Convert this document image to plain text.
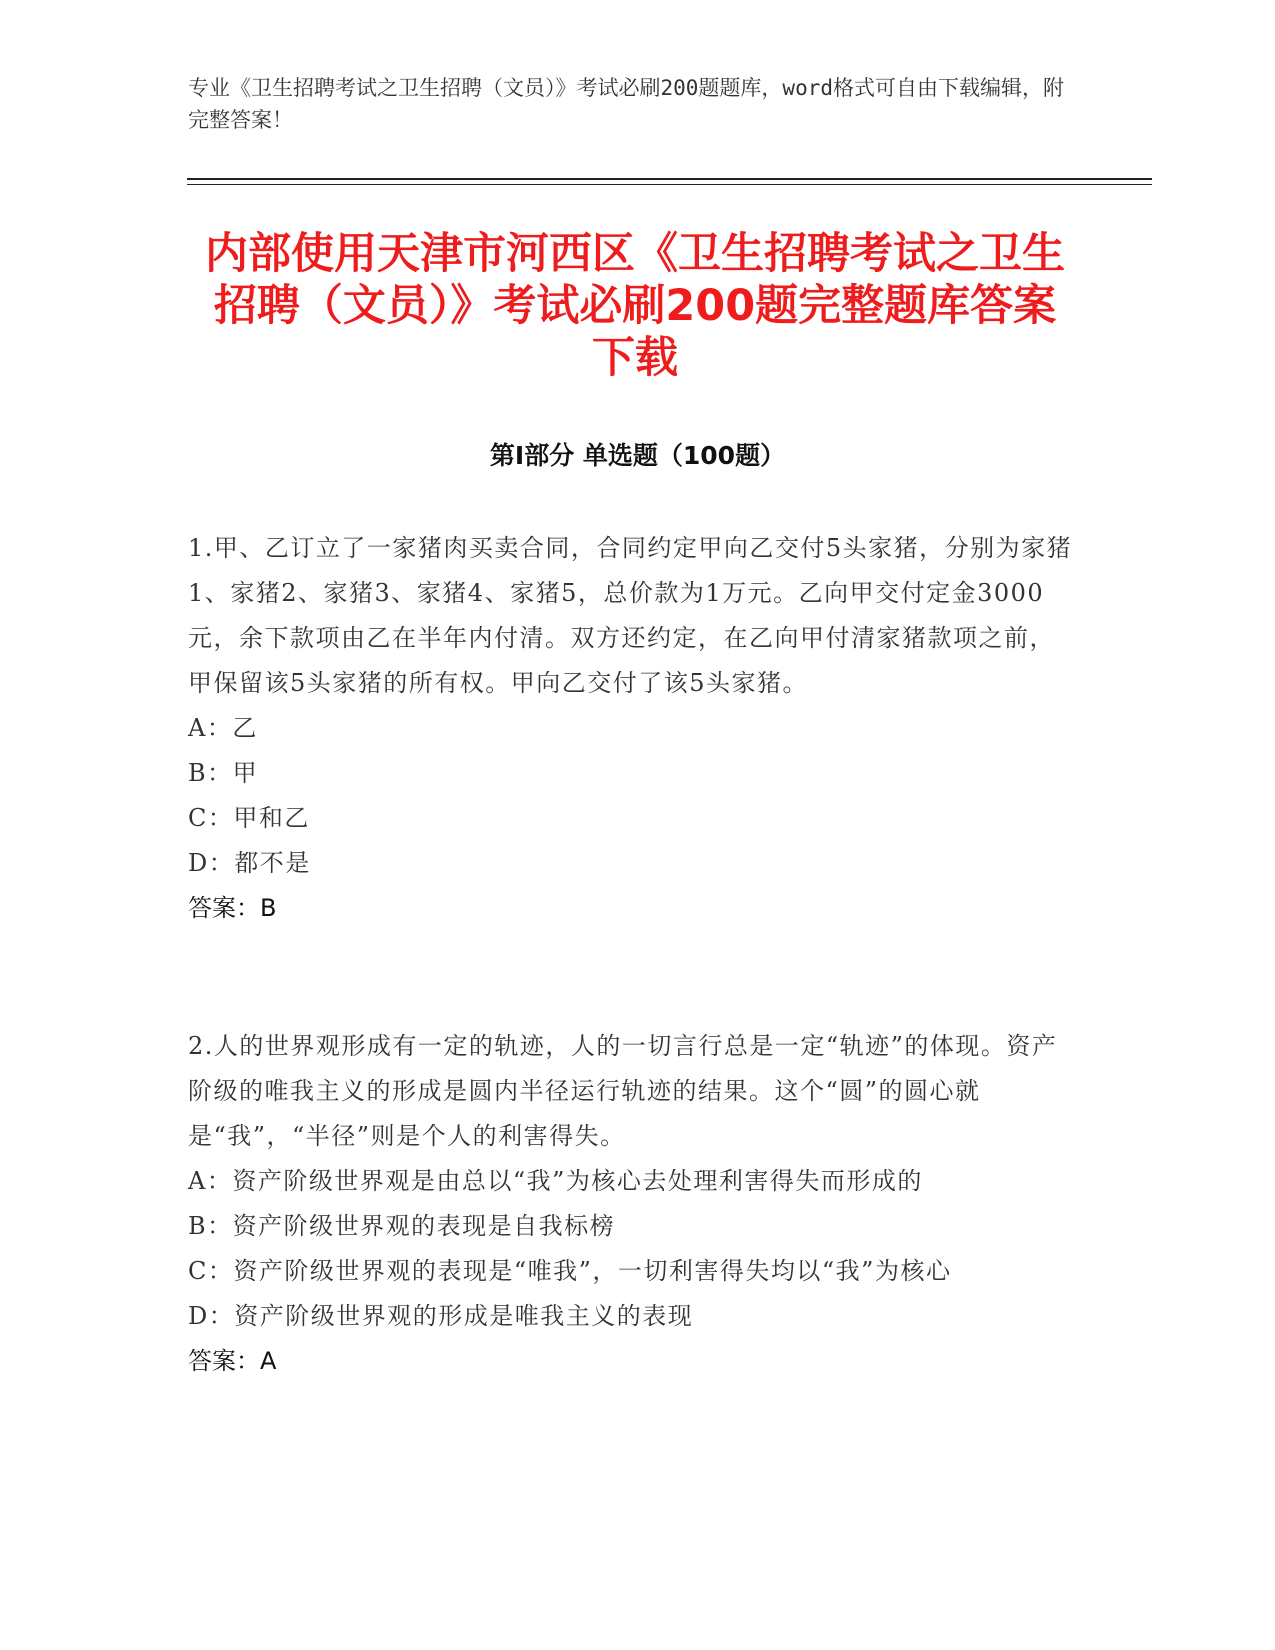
专业《卫生招聘考试之卫生招聘（文员）》考试必刷200题题库，word格式可自由下载编辑，附完整答案！
内部使用天津市河西区《卫生招聘考试之卫生招聘（文员）》考试必刷200题完整题库答案下载
第I部分 单选题（100题）

1.甲、乙订立了一家猪肉买卖合同，合同约定甲向乙交付5头家猪，分别为家猪1、家猪2、家猪3、家猪4、家猪5，总价款为1万元。乙向甲交付定金3000元，余下款项由乙在半年内付清。双方还约定，在乙向甲付清家猪款项之前，甲保留该5头家猪的所有权。甲向乙交付了该5头家猪。

A：乙

B：甲

C：甲和乙

D：都不是

答案：B

2.人的世界观形成有一定的轨迹，人的一切言行总是一定“轨迹”的体现。资产阶级的唯我主义的形成是圆内半径运行轨迹的结果。这个“圆”的圆心就是“我”，“半径”则是个人的利害得失。

A：资产阶级世界观是由总以“我”为核心去处理利害得失而形成的

B：资产阶级世界观的表现是自我标榜

C：资产阶级世界观的表现是“唯我”，一切利害得失均以“我”为核心

D：资产阶级世界观的形成是唯我主义的表现

答案：A
